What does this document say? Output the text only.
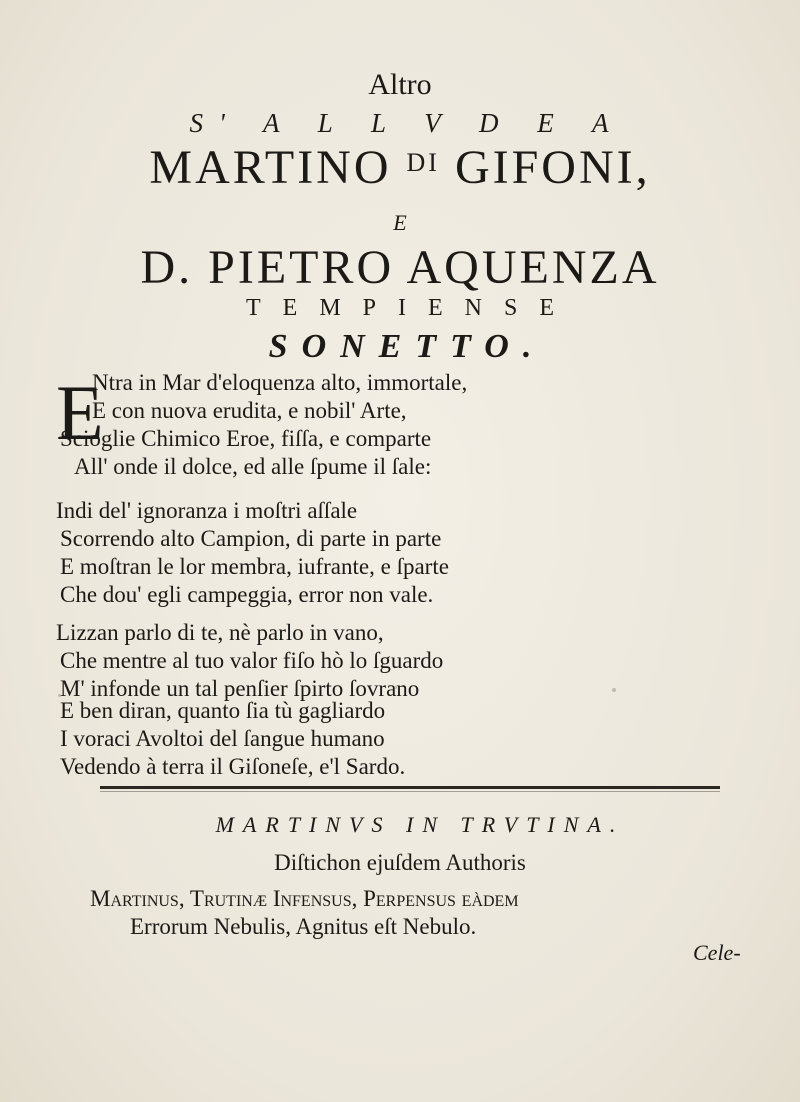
Altro
S' A L L V D E A
MARTINO $^{DI}$ GIFONI,
E
D. PIETRO AQUENZA
TEMPIENSE
SONETTO.
E
Ntra in Mar d'eloquenza alto, immortale,
E con nuova erudita, e nobil' Arte,
Scioglie Chimico Eroe, fiſſa, e comparte
All' onde il dolce, ed alle ſpume il ſale:
Indi del' ignoranza i moſtri aſſale
Scorrendo alto Campion, di parte in parte
E moſtran le lor membra, iufrante, e ſparte
Che dou' egli campeggia, error non vale.
Lizzan parlo di te, nè parlo in vano,
Che mentre al tuo valor fiſo hò lo ſguardo
M' infonde un tal penſier ſpirto ſovrano
MARTINVS IN TRVTINA.
Diſtichon ejuſdem Authoris
Martinus, Trutinæ Infenſus, Perpenſus eàdem
Errorum Nebulis, Agnitus eſt Nebulo.
Cele-
E ben diran, quanto ſia tù gagliardo
I voraci Avoltoi del ſangue humano
Vedendo à terra il Giſoneſe, e'l Sardo.
